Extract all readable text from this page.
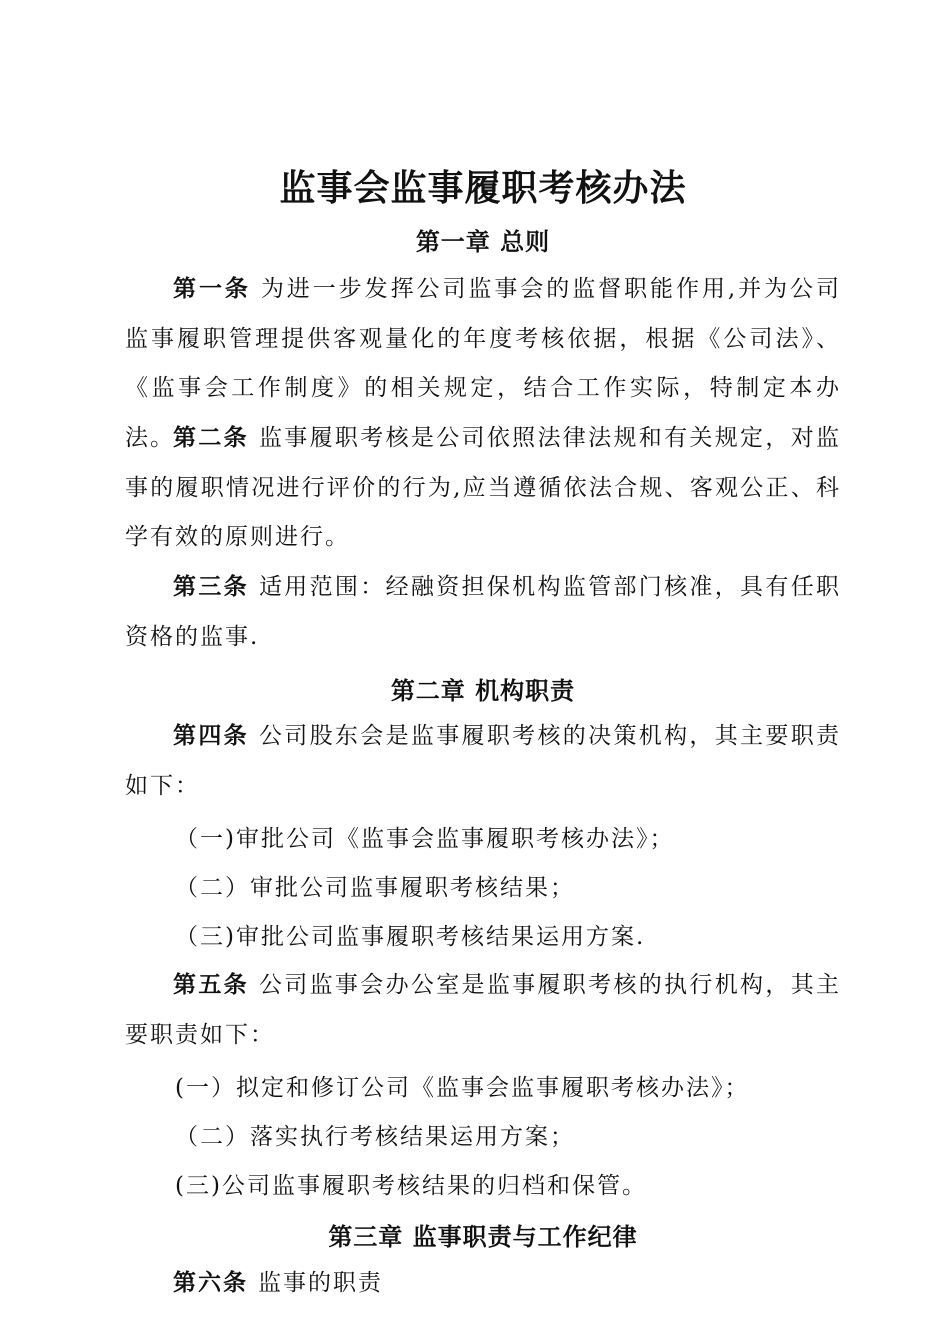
监事会监事履职考核办法
第一章 总则

第一条 为进一步发挥公司监事会的监督职能作用,并为公司监事履职管理提供客观量化的年度考核依据，根据《公司法》、《监事会工作制度》的相关规定，结合工作实际，特制定本办法。

第二条 监事履职考核是公司依照法律法规和有关规定，对监事的履职情况进行评价的行为,应当遵循依法合规、客观公正、科学有效的原则进行。

第三条 适用范围：经融资担保机构监管部门核准，具有任职资格的监事.

第二章 机构职责

第四条 公司股东会是监事履职考核的决策机构，其主要职责如下：

（一)审批公司《监事会监事履职考核办法》；

（二）审批公司监事履职考核结果；

（三)审批公司监事履职考核结果运用方案.

第五条 公司监事会办公室是监事履职考核的执行机构，其主要职责如下：

(一）拟定和修订公司《监事会监事履职考核办法》；

（二）落实执行考核结果运用方案；

(三)公司监事履职考核结果的归档和保管。

第三章 监事职责与工作纪律

第六条 监事的职责
